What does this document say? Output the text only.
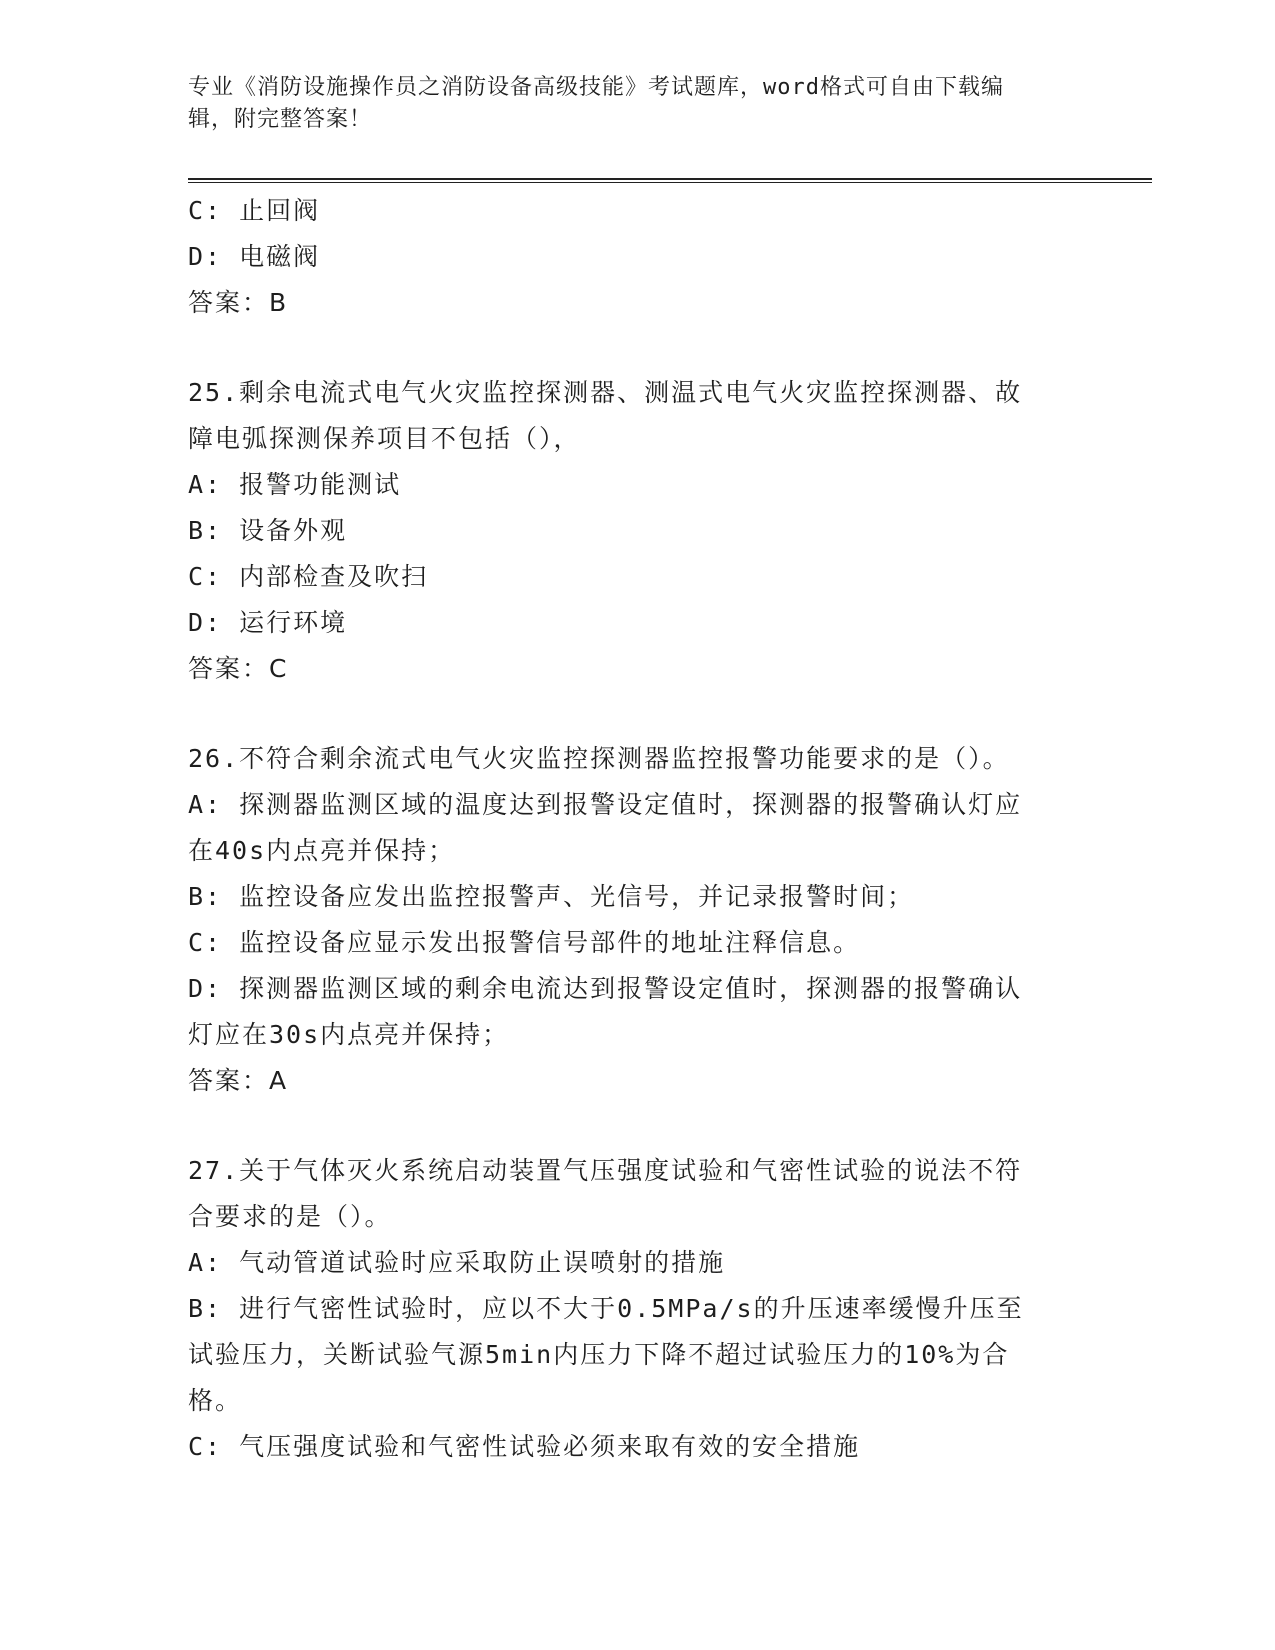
专业《消防设施操作员之消防设备高级技能》考试题库，word格式可自由下载编
辑，附完整答案！
C: 止回阀
D: 电磁阀
答案：B
25.剩余电流式电气火灾监控探测器、测温式电气火灾监控探测器、故
障电弧探测保养项目不包括（），
A: 报警功能测试
B: 设备外观
C: 内部检查及吹扫
D: 运行环境
答案：C
26.不符合剩余流式电气火灾监控探测器监控报警功能要求的是（）。
A: 探测器监测区域的温度达到报警设定值时，探测器的报警确认灯应
在40s内点亮并保持；
B: 监控设备应发出监控报警声、光信号，并记录报警时间；
C: 监控设备应显示发出报警信号部件的地址注释信息。
D: 探测器监测区域的剩余电流达到报警设定值时，探测器的报警确认
灯应在30s内点亮并保持；
答案：A
27.关于气体灭火系统启动装置气压强度试验和气密性试验的说法不符
合要求的是（）。
A: 气动管道试验时应采取防止误喷射的措施
B: 进行气密性试验时，应以不大于0.5MPa/s的升压速率缓慢升压至
试验压力，关断试验气源5min内压力下降不超过试验压力的10%为合
格。
C: 气压强度试验和气密性试验必须来取有效的安全措施
